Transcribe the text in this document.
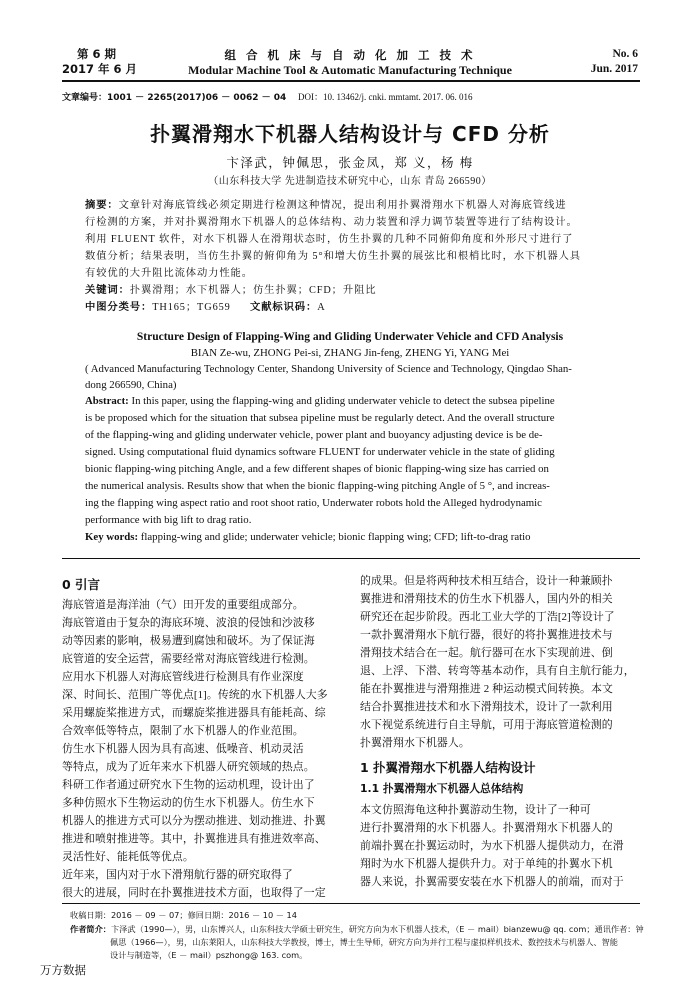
第 6 期
2017 年 6 月
组 合 机 床 与 自 动 化 加 工 技 术
Modular Machine Tool & Automatic Manufacturing Technique
No. 6
Jun. 2017
文章编号：1001 － 2265(2017)06 － 0062 － 04 DOI：10. 13462/j. cnki. mmtamt. 2017. 06. 016
扑翼滑翔水下机器人结构设计与 CFD 分析
卞泽武，钟佩思，张金凤，郑 义，杨 梅
（山东科技大学 先进制造技术研究中心，山东 青岛 266590）
摘要：文章针对海底管线必须定期进行检测这种情况，提出利用扑翼滑翔水下机器人对海底管线进
行检测的方案，并对扑翼滑翔水下机器人的总体结构、动力装置和浮力调节装置等进行了结构设计。
利用 FLUENT 软件，对水下机器人在滑翔状态时，仿生扑翼的几种不同俯仰角度和外形尺寸进行了
数值分析；结果表明，当仿生扑翼的俯仰角为 5°和增大仿生扑翼的展弦比和根梢比时，水下机器人具
有较优的大升阻比流体动力性能。
关键词：扑翼滑翔；水下机器人；仿生扑翼；CFD；升阻比
中图分类号：TH165；TG659 文献标识码：A
Structure Design of Flapping-Wing and Gliding Underwater Vehicle and CFD Analysis
BIAN Ze-wu, ZHONG Pei-si, ZHANG Jin-feng, ZHENG Yi, YANG Mei
( Advanced Manufacturing Technology Center, Shandong University of Science and Technology, Qingdao Shan-
dong 266590, China)
Abstract: In this paper, using the flapping-wing and gliding underwater vehicle to detect the subsea pipeline
is be proposed which for the situation that subsea pipeline must be regularly detect. And the overall structure
of the flapping-wing and gliding underwater vehicle, power plant and buoyancy adjusting device is be de-
signed. Using computational fluid dynamics software FLUENT for underwater vehicle in the state of gliding
bionic flapping-wing pitching Angle, and a few different shapes of bionic flapping-wing size has carried on
the numerical analysis. Results show that when the bionic flapping-wing pitching Angle of 5 °, and increas-
ing the flapping wing aspect ratio and root shoot ratio, Underwater robots hold the Alleged hydrodynamic
performance with big lift to drag ratio.
Key words: flapping-wing and glide; underwater vehicle; bionic flapping wing; CFD; lift-to-drag ratio
0 引言
海底管道是海洋油（气）田开发的重要组成部分。
海底管道由于复杂的海底环境、波浪的侵蚀和沙波移
动等因素的影响，极易遭到腐蚀和破坏。为了保证海
底管道的安全运营，需要经常对海底管线进行检测。
应用水下机器人对海底管线进行检测具有作业深度
深、时间长、范围广等优点[1]。传统的水下机器人大多
采用螺旋桨推进方式，而螺旋桨推进器具有能耗高、综
合效率低等特点，限制了水下机器人的作业范围。
仿生水下机器人因为具有高速、低噪音、机动灵活
等特点，成为了近年来水下机器人研究领域的热点。
科研工作者通过研究水下生物的运动机理，设计出了
多种仿照水下生物运动的仿生水下机器人。仿生水下
机器人的推进方式可以分为摆动推进、划动推进、扑翼
推进和喷射推进等。其中，扑翼推进具有推进效率高、
灵活性好、能耗低等优点。
近年来，国内对于水下滑翔航行器的研究取得了
很大的进展，同时在扑翼推进技术方面，也取得了一定
的成果。但是将两种技术相互结合，设计一种兼顾扑
翼推进和滑翔技术的仿生水下机器人，国内外的相关
研究还在起步阶段。西北工业大学的丁浩[2]等设计了
一款扑翼滑翔水下航行器，很好的将扑翼推进技术与
滑翔技术结合在一起。航行器可在水下实现前进、倒
退、上浮、下潜、转弯等基本动作，具有自主航行能力，
能在扑翼推进与滑翔推进 2 种运动模式间转换。本文
结合扑翼推进技术和水下滑翔技术，设计了一款利用
水下视觉系统进行自主导航，可用于海底管道检测的
扑翼滑翔水下机器人。
1 扑翼滑翔水下机器人结构设计
1.1 扑翼滑翔水下机器人总体结构
本文仿照海龟这种扑翼游动生物，设计了一种可
进行扑翼滑翔的水下机器人。扑翼滑翔水下机器人的
前端扑翼在扑翼运动时，为水下机器人提供动力，在滑
翔时为水下机器人提供升力。对于单纯的扑翼水下机
器人来说，扑翼需要安装在水下机器人的前端，而对于
收稿日期：2016 － 09 － 07；修回日期：2016 － 10 － 14
作者简介：卞泽武（1990—），男，山东博兴人，山东科技大学硕士研究生，研究方向为水下机器人技术，（E － mail）bianzewu@ qq. com；通讯作者：钟
佩思（1966—），男，山东莱阳人，山东科技大学教授，博士，博士生导师，研究方向为并行工程与虚拟样机技术、数控技术与机器人、智能
设计与制造等，（E － mail）pszhong@ 163. com。
万方数据
